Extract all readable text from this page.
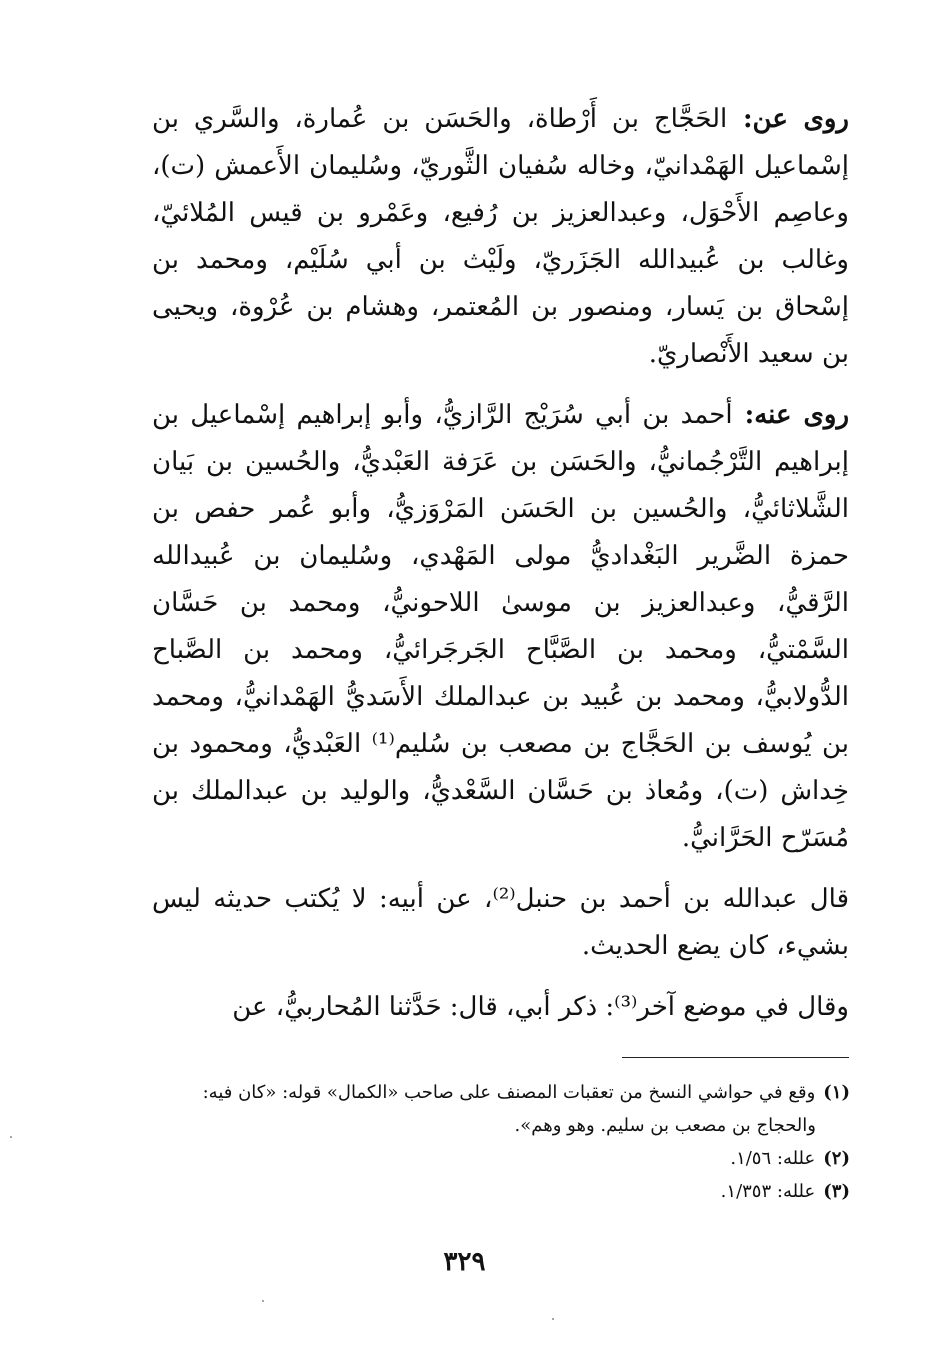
روى عن: الحَجَّاج بن أَرْطاة، والحَسَن بن عُمارة، والسَّري بن إسْماعيل الهَمْدانيّ، وخاله سُفيان الثَّوريّ، وسُليمان الأَعمش (ت)، وعاصِم الأَحْوَل، وعبدالعزيز بن رُفيع، وعَمْرو بن قيس المُلائيّ، وغالب بن عُبيدالله الجَزَريّ، ولَيْث بن أبي سُلَيْم، ومحمد بن إسْحاق بن يَسار، ومنصور بن المُعتمر، وهشام بن عُرْوة، ويحيى بن سعيد الأَنْصاريّ.

روى عنه: أحمد بن أبي سُرَيْج الرَّازيُّ، وأبو إبراهيم إسْماعيل بن إبراهيم التَّرْجُمانيُّ، والحَسَن بن عَرَفة العَبْديُّ، والحُسين بن بَيان الشَّلاثائيُّ، والحُسين بن الحَسَن المَرْوَزيُّ، وأبو عُمر حفص بن حمزة الضَّرير البَغْداديُّ مولى المَهْدي، وسُليمان بن عُبيدالله الرَّقيُّ، وعبدالعزيز بن موسىٰ اللاحونيُّ، ومحمد بن حَسَّان السَّمْتيُّ، ومحمد بن الصَّبَّاح الجَرجَرائيُّ، ومحمد بن الصَّباح الدُّولابيُّ، ومحمد بن عُبيد بن عبدالملك الأَسَديُّ الهَمْدانيُّ، ومحمد بن يُوسف بن الحَجَّاج بن مصعب بن سُليم⁽¹⁾ العَبْديُّ، ومحمود بن خِداش (ت)، ومُعاذ بن حَسَّان السَّعْديُّ، والوليد بن عبدالملك بن مُسَرّح الحَرَّانيُّ.

قال عبدالله بن أحمد بن حنبل⁽²⁾، عن أبيه: لا يُكتب حديثه ليس بشيء، كان يضع الحديث.

وقال في موضع آخر⁽³⁾: ذكر أبي، قال: حَدَّثنا المُحاربيُّ، عن

(١)وقع في حواشي النسخ من تعقبات المصنف على صاحب «الكمال» قوله: «كان فيه:

والحجاج بن مصعب بن سليم. وهو وهم».

(٢)علله: ١/٥٦.

(٣)علله: ١/٣٥٣.

٣٢٩
